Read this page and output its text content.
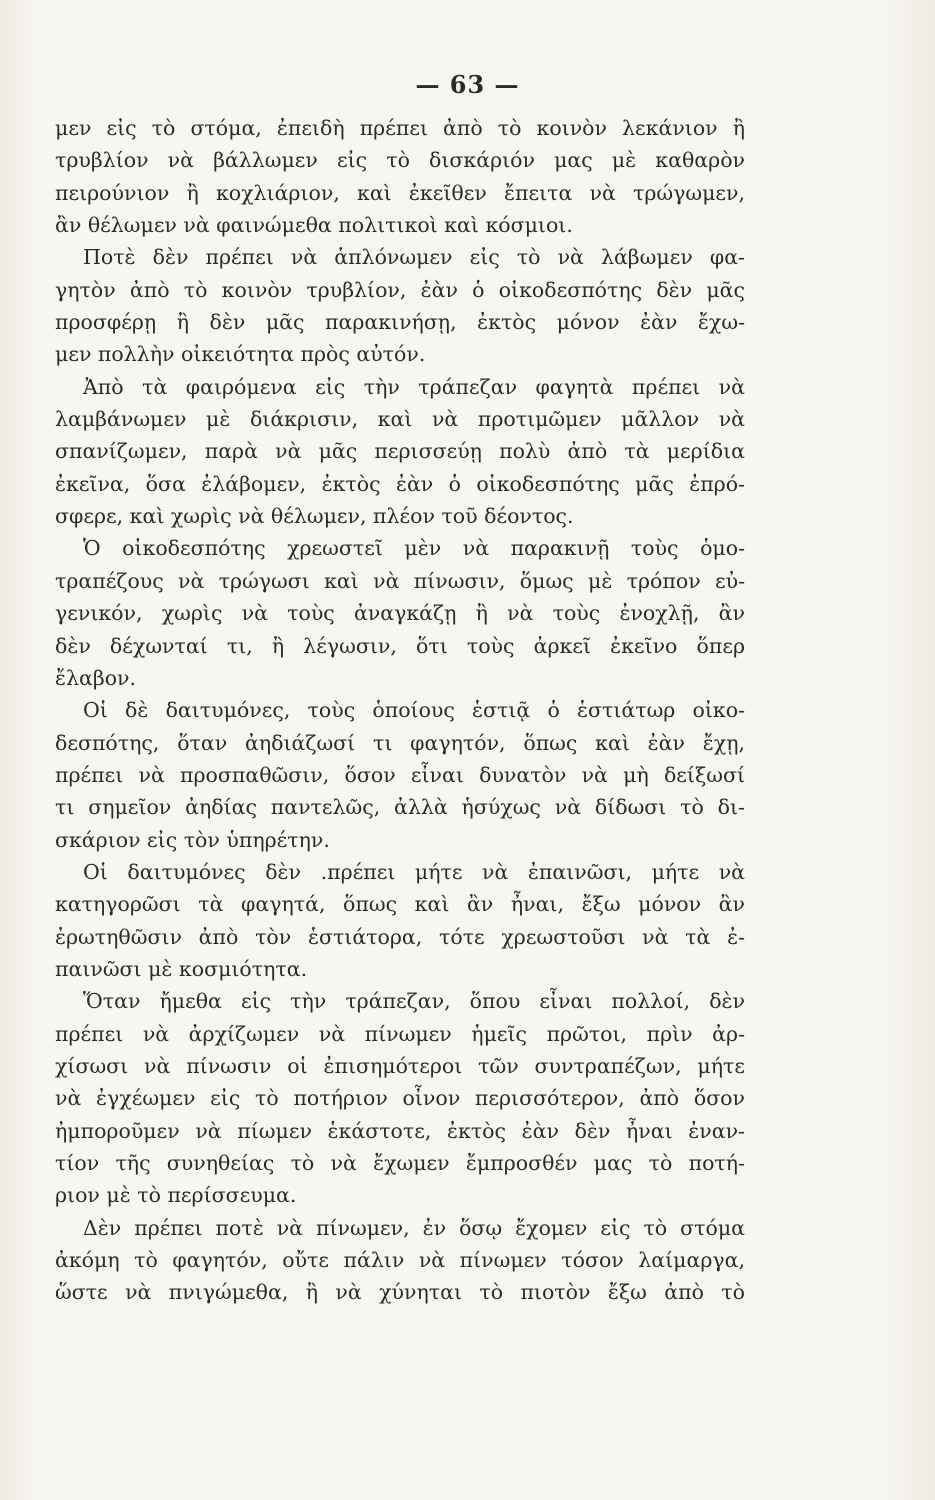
— 63 —
μεν εἰς τὸ στόμα, ἐπειδὴ πρέπει ἀπὸ τὸ κοινὸν λεκάνιον ἢ
τρυβλίον νὰ βάλλωμεν εἰς τὸ δισκάριόν μας μὲ καθαρὸν
πειρούνιον ἢ κοχλιάριον, καὶ ἐκεῖθεν ἔπειτα νὰ τρώγωμεν,
ἂν θέλωμεν νὰ φαινώμεθα πολιτικοὶ καὶ κόσμιοι.
Ποτὲ δὲν πρέπει νὰ ἁπλόνωμεν εἰς τὸ νὰ λάβωμεν φα-
γητὸν ἀπὸ τὸ κοινὸν τρυβλίον, ἐὰν ὁ οἰκοδεσπότης δὲν μᾶς
προσφέρῃ ἢ δὲν μᾶς παρακινήσῃ, ἐκτὸς μόνον ἐὰν ἔχω-
μεν πολλὴν οἰκειότητα πρὸς αὐτόν.
Ἀπὸ τὰ φαιρόμενα εἰς τὴν τράπεζαν φαγητὰ πρέπει νὰ
λαμβάνωμεν μὲ διάκρισιν, καὶ νὰ προτιμῶμεν μᾶλλον νὰ
σπανίζωμεν, παρὰ νὰ μᾶς περισσεύῃ πολὺ ἀπὸ τὰ μερίδια
ἐκεῖνα, ὅσα ἐλάβομεν, ἐκτὸς ἐὰν ὁ οἰκοδεσπότης μᾶς ἐπρό-
σφερε, καὶ χωρὶς νὰ θέλωμεν, πλέον τοῦ δέοντος.
Ὁ οἰκοδεσπότης χρεωστεῖ μὲν νὰ παρακινῇ τοὺς ὁμο-
τραπέζους νὰ τρώγωσι καὶ νὰ πίνωσιν, ὅμως μὲ τρόπον εὐ-
γενικόν, χωρὶς νὰ τοὺς ἀναγκάζῃ ἢ νὰ τοὺς ἐνοχλῇ, ἂν
δὲν δέχωνταί τι, ἢ λέγωσιν, ὅτι τοὺς ἀρκεῖ ἐκεῖνο ὅπερ
ἔλαβον.
Οἱ δὲ δαιτυμόνες, τοὺς ὁποίους ἑστιᾷ ὁ ἑστιάτωρ οἰκο-
δεσπότης, ὅταν ἀηδιάζωσί τι φαγητόν, ὅπως καὶ ἐὰν ἔχῃ,
πρέπει νὰ προσπαθῶσιν, ὅσον εἶναι δυνατὸν νὰ μὴ δείξωσί
τι σημεῖον ἀηδίας παντελῶς, ἀλλὰ ἡσύχως νὰ δίδωσι τὸ δι-
σκάριον εἰς τὸν ὑπηρέτην.
Οἱ δαιτυμόνες δὲν .πρέπει μήτε νὰ ἐπαινῶσι, μήτε νὰ
κατηγορῶσι τὰ φαγητά, ὅπως καὶ ἂν ἦναι, ἔξω μόνον ἂν
ἐρωτηθῶσιν ἀπὸ τὸν ἑστιάτορα, τότε χρεωστοῦσι νὰ τὰ ἐ-
παινῶσι μὲ κοσμιότητα.
Ὅταν ἤμεθα εἰς τὴν τράπεζαν, ὅπου εἶναι πολλοί, δὲν
πρέπει νὰ ἀρχίζωμεν νὰ πίνωμεν ἡμεῖς πρῶτοι, πρὶν ἀρ-
χίσωσι νὰ πίνωσιν οἱ ἐπισημότεροι τῶν συντραπέζων, μήτε
νὰ ἐγχέωμεν εἰς τὸ ποτήριον οἶνον περισσότερον, ἀπὸ ὅσον
ἠμποροῦμεν νὰ πίωμεν ἑκάστοτε, ἐκτὸς ἐὰν δὲν ἦναι ἐναν-
τίον τῆς συνηθείας τὸ νὰ ἔχωμεν ἔμπροσθέν μας τὸ ποτή-
ριον μὲ τὸ περίσσευμα.
Δὲν πρέπει ποτὲ νὰ πίνωμεν, ἐν ὅσῳ ἔχομεν εἰς τὸ στόμα
ἀκόμη τὸ φαγητόν, οὔτε πάλιν νὰ πίνωμεν τόσον λαίμαργα,
ὥστε νὰ πνιγώμεθα, ἢ νὰ χύνηται τὸ πιοτὸν ἔξω ἀπὸ τὸ
